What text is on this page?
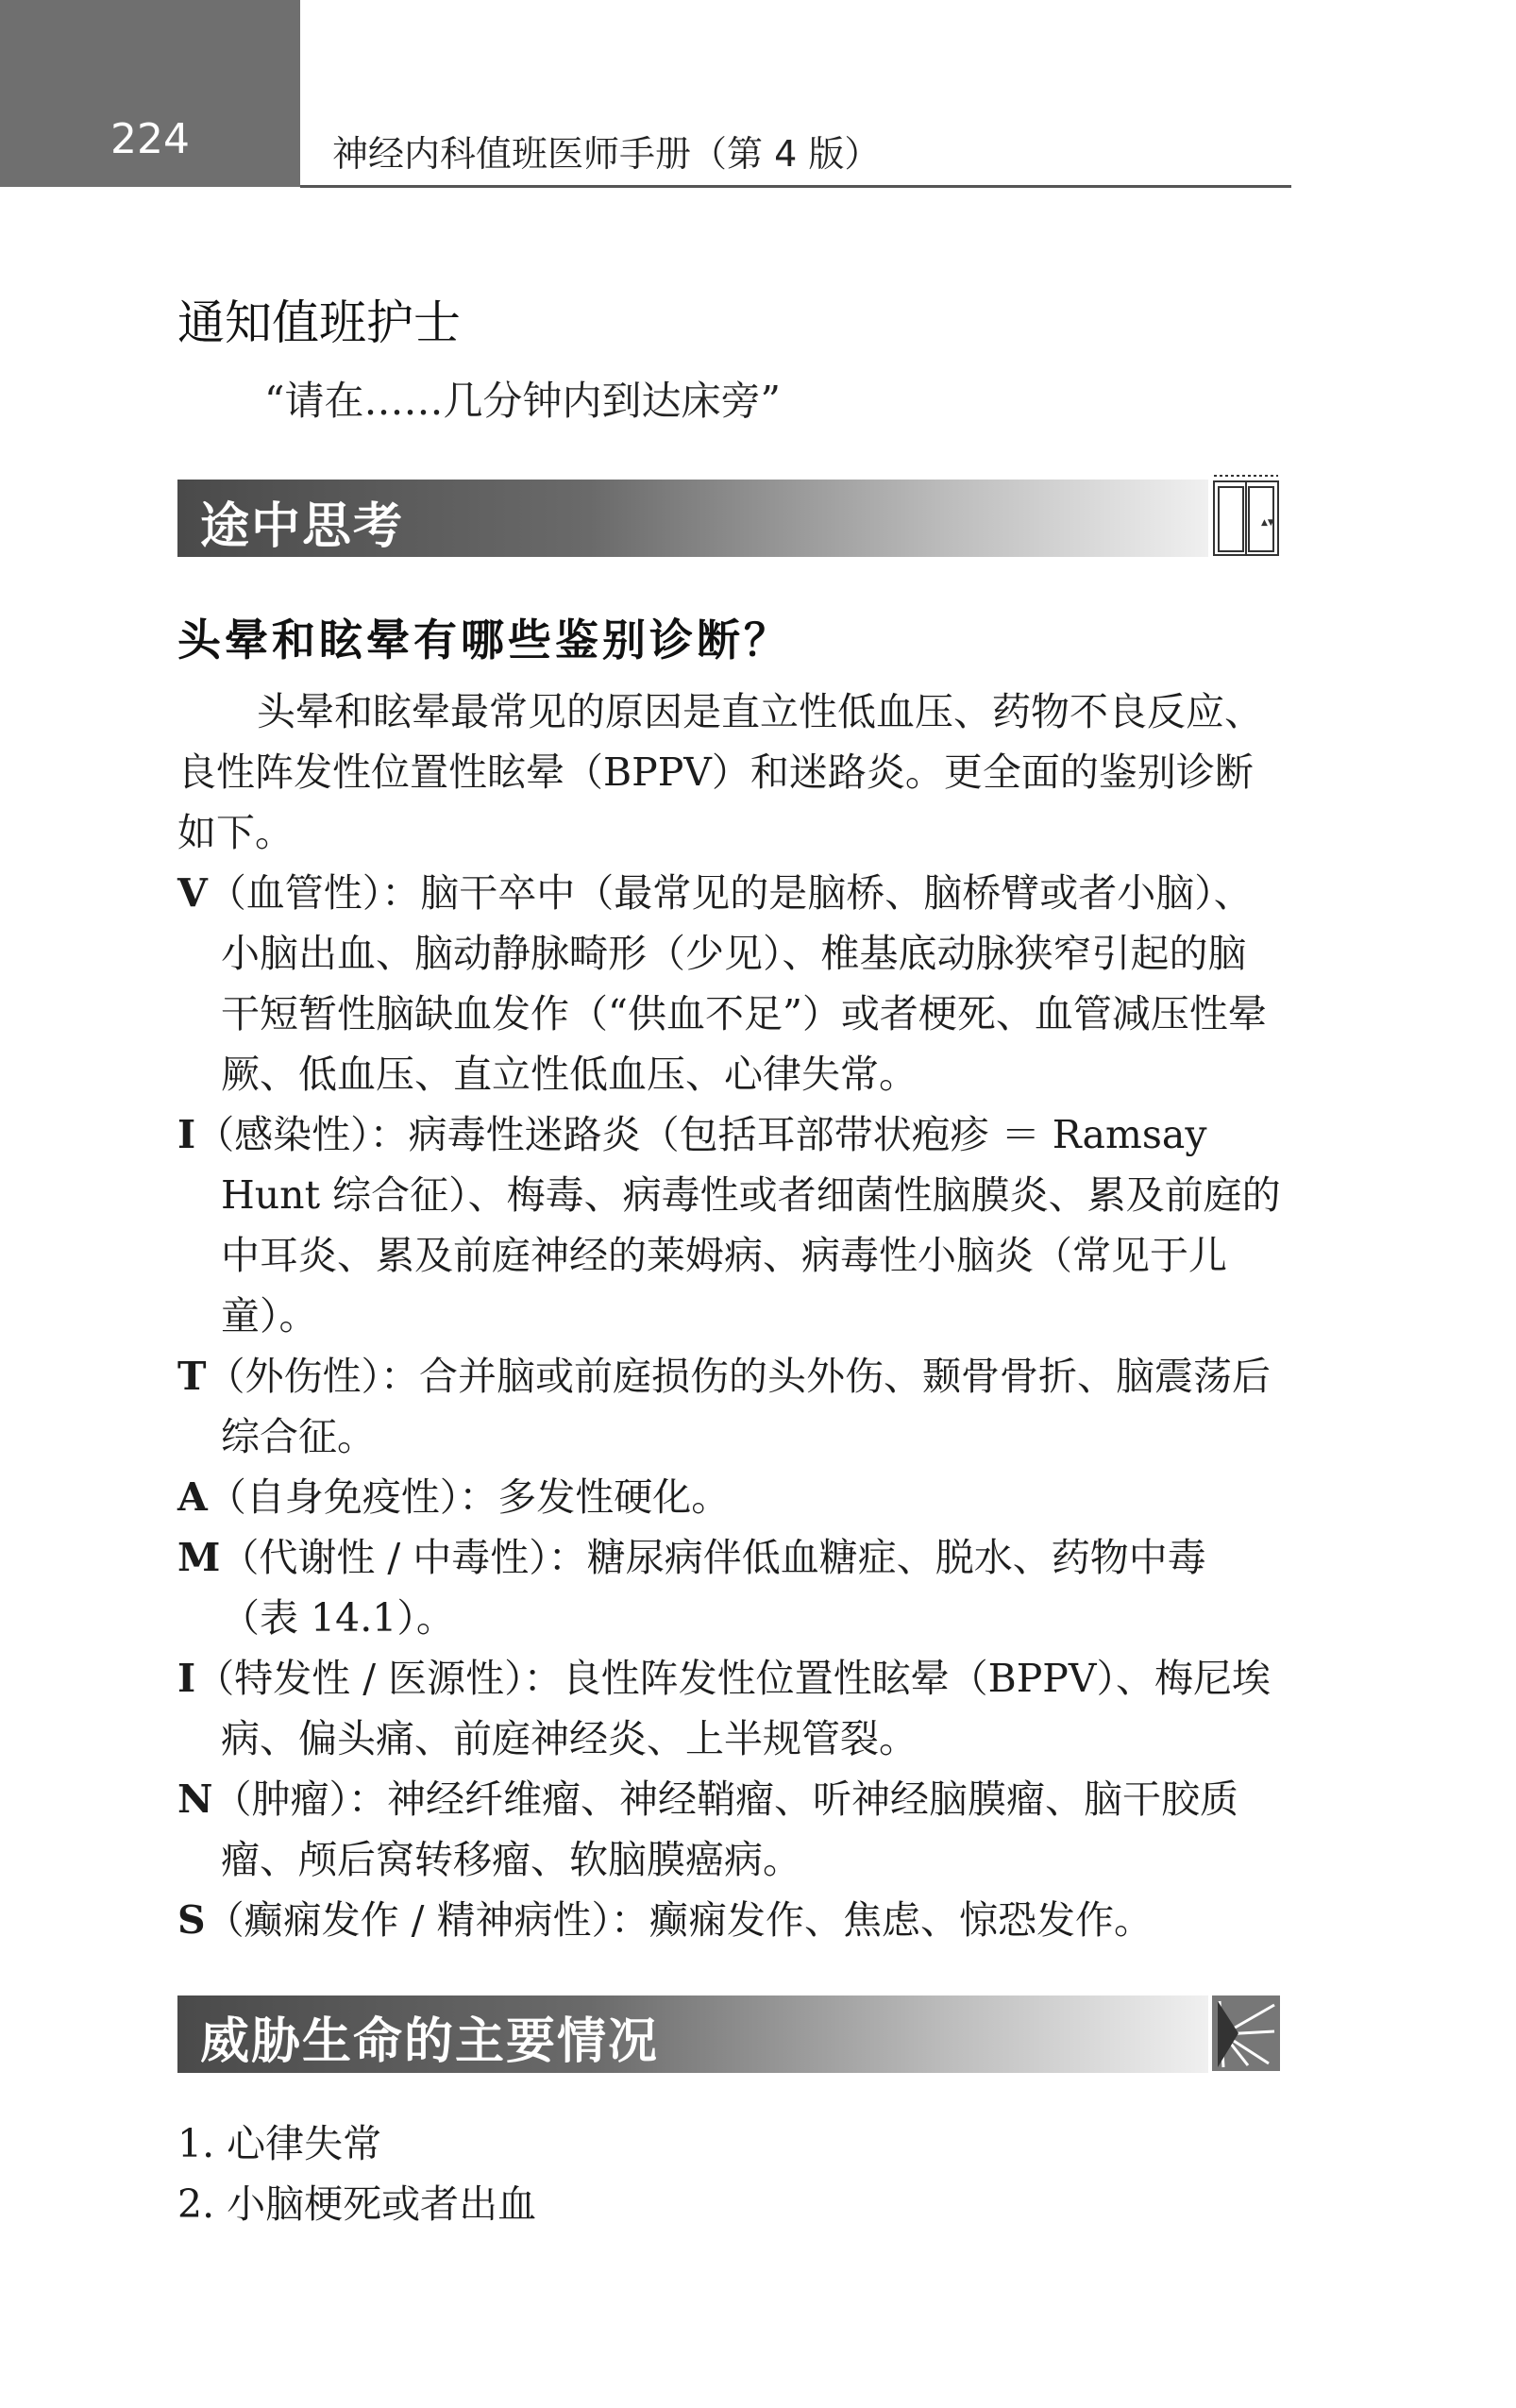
224	神经内科值班医师手册（第 4 版）
通知值班护士
“请在……几分钟内到达床旁”
途中思考	▲▼
头晕和眩晕有哪些鉴别诊断？
头晕和眩晕最常见的原因是直立性低血压、药物不良反应、良性阵发性位置性眩晕（BPPV）和迷路炎。更全面的鉴别诊断如下。
V（血管性）：脑干卒中（最常见的是脑桥、脑桥臂或者小脑）、小脑出血、脑动静脉畸形（少见）、椎基底动脉狭窄引起的脑干短暂性脑缺血发作（“供血不足”）或者梗死、血管减压性晕厥、低血压、直立性低血压、心律失常。
I（感染性）：病毒性迷路炎（包括耳部带状疱疹 ＝ Ramsay Hunt 综合征）、梅毒、病毒性或者细菌性脑膜炎、累及前庭的中耳炎、累及前庭神经的莱姆病、病毒性小脑炎（常见于儿童）。
T（外伤性）：合并脑或前庭损伤的头外伤、颞骨骨折、脑震荡后综合征。
A（自身免疫性）：多发性硬化。
M（代谢性 / 中毒性）：糖尿病伴低血糖症、脱水、药物中毒（表 14.1）。
I（特发性 / 医源性）：良性阵发性位置性眩晕（BPPV）、梅尼埃病、偏头痛、前庭神经炎、上半规管裂。
N（肿瘤）：神经纤维瘤、神经鞘瘤、听神经脑膜瘤、脑干胶质瘤、颅后窝转移瘤、软脑膜癌病。
S（癫痫发作 / 精神病性）：癫痫发作、焦虑、惊恐发作。
威胁生命的主要情况
1. 心律失常
2. 小脑梗死或者出血
